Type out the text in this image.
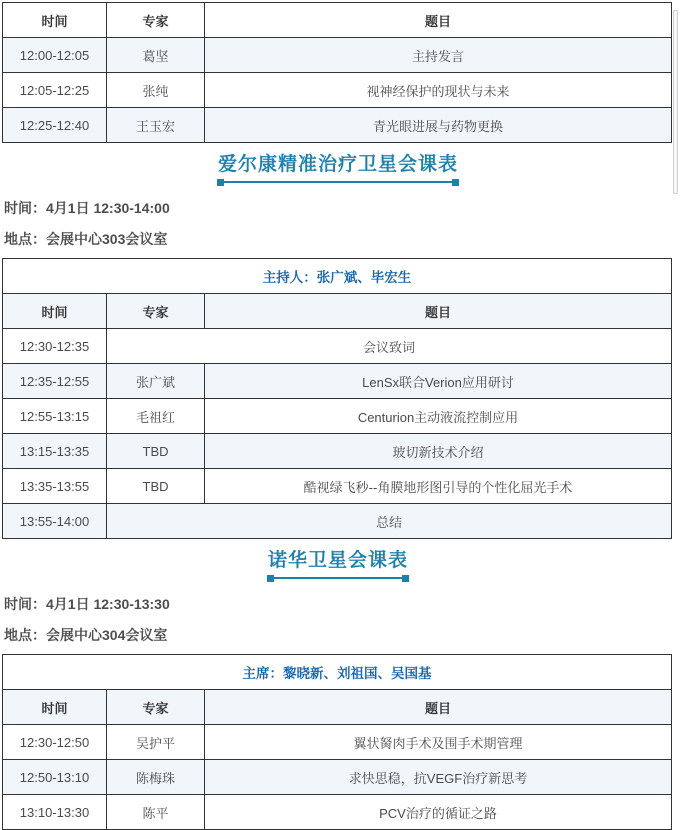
时间	专家	题目
12:00-12:05	葛坚	主持发言
12:05-12:25	张纯	视神经保护的现状与未来
12:25-12:40	王玉宏	青光眼进展与药物更换
爱尔康精准治疗卫星会课表

时间：4月1日 12:30-14:00

地点：会展中心303会议室

主持人：张广斌、毕宏生		
时间	专家	题目
12:30-12:35	会议致词	
12:35-12:55	张广斌	LenSx联合Verion应用研讨
12:55-13:15	毛祖红	Centurion主动液流控制应用
13:15-13:35	TBD	玻切新技术介绍
13:35-13:55	TBD	酷视绿飞秒--角膜地形图引导的个性化屈光手术
13:55-14:00	总结	
诺华卫星会课表

时间：4月1日 12:30-13:30

地点：会展中心304会议室

主席：黎晓新、刘祖国、吴国基		
时间	专家	题目
12:30-12:50	吴护平	翼状胬肉手术及围手术期管理
12:50-13:10	陈梅珠	求快思稳，抗VEGF治疗新思考
13:10-13:30	陈平	PCV治疗的循证之路
